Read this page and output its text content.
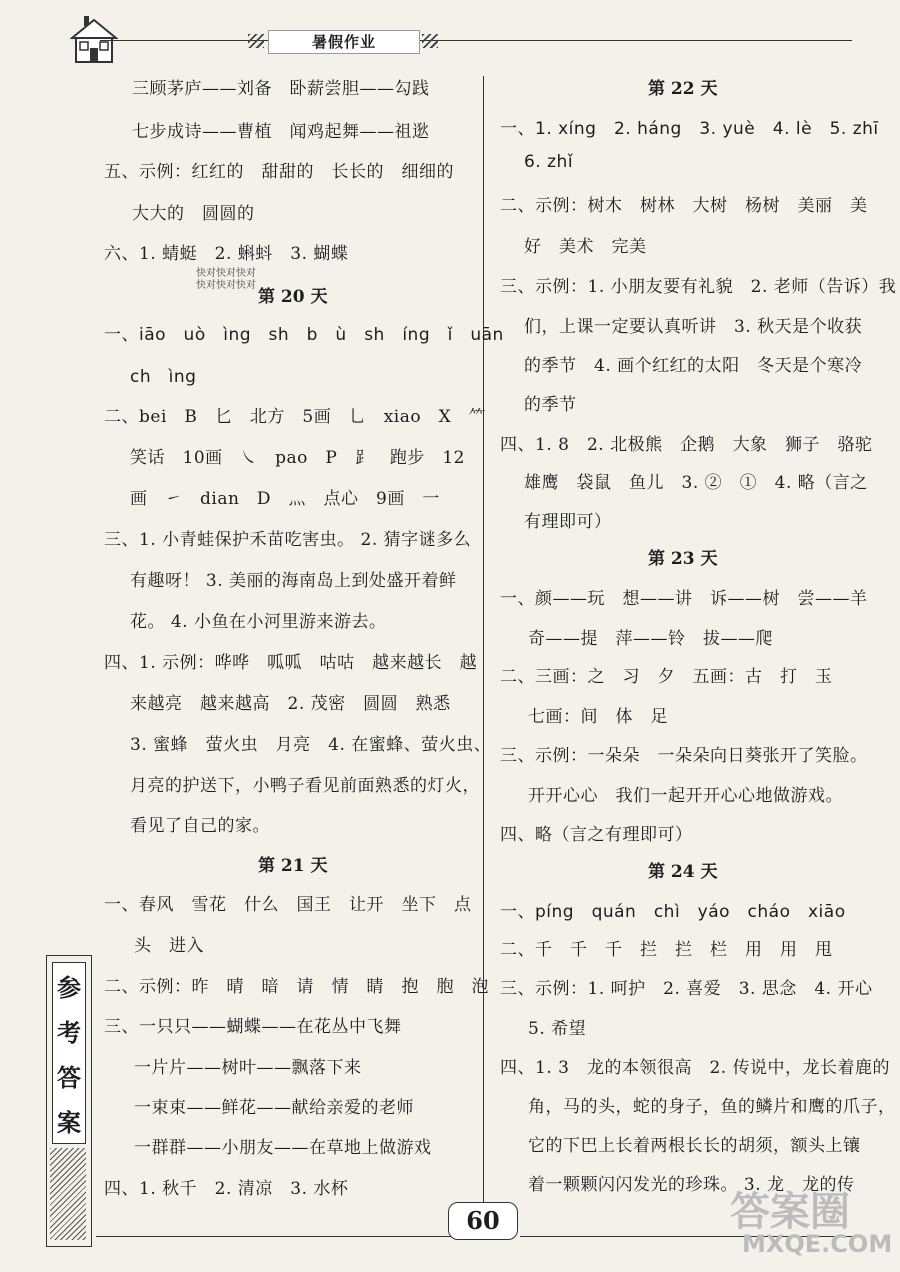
暑假作业
三顾茅庐——刘备　卧薪尝胆——勾践
七步成诗——曹植　闻鸡起舞——祖逖
五、示例：红红的　甜甜的　长长的　细细的
大大的　圆圆的
六、1. 蜻蜓　2. 蝌蚪　3. 蝴蝶
快对快对快对
快对快对快对
第 20 天
一、iāo　uò　ìng　sh　b　ù　sh　íng　ǐ　uān
ch　ìng
二、bei　B　匕　北方　5画　乚　xiao　X　⺮
笑话　10画　㇏　pao　P　⻊　跑步　12
画　㇀　dian　D　灬　点心　9画　一
三、1. 小青蛙保护禾苗吃害虫。 2. 猜字谜多么
有趣呀！ 3. 美丽的海南岛上到处盛开着鲜
花。 4. 小鱼在小河里游来游去。
四、1. 示例：哗哗　呱呱　咕咕　越来越长　越
来越亮　越来越高　2. 茂密　圆圆　熟悉
3. 蜜蜂　萤火虫　月亮　4. 在蜜蜂、萤火虫、
月亮的护送下，小鸭子看见前面熟悉的灯火，
看见了自己的家。
第 21 天
一、春风　雪花　什么　国王　让开　坐下　点
头　进入
二、示例：昨　晴　暗　请　情　睛　抱　胞　泡
三、一只只——蝴蝶——在花丛中飞舞
一片片——树叶——飘落下来
一束束——鲜花——献给亲爱的老师
一群群——小朋友——在草地上做游戏
四、1. 秋千　2. 清凉　3. 水杯
第 22 天
一、1. xíng　2. háng　3. yuè　4. lè　5. zhī
6. zhǐ
二、示例：树木　树林　大树　杨树　美丽　美
好　美术　完美
三、示例：1. 小朋友要有礼貌　2. 老师（告诉）我
们，上课一定要认真听讲　3. 秋天是个收获
的季节　4. 画个红红的太阳　冬天是个寒冷
的季节
四、1. 8　2. 北极熊　企鹅　大象　狮子　骆驼
雄鹰　袋鼠　鱼儿　3. ②　①　4. 略（言之
有理即可）
第 23 天
一、颜——玩　想——讲　诉——树　尝——羊
奇——提　萍——铃　拔——爬
二、三画：之　习　夕　五画：古　打　玉
七画：间　体　足
三、示例：一朵朵　一朵朵向日葵张开了笑脸。
开开心心　我们一起开开心心地做游戏。
四、略（言之有理即可）
第 24 天
一、píng　quán　chì　yáo　cháo　xiāo
二、千　千　千　拦　拦　栏　用　用　甩
三、示例：1. 呵护　2. 喜爱　3. 思念　4. 开心
5. 希望
四、1. 3　龙的本领很高　2. 传说中，龙长着鹿的
角，马的头，蛇的身子，鱼的鳞片和鹰的爪子，
它的下巴上长着两根长长的胡须，额头上镶
着一颗颗闪闪发光的珍珠。 3. 龙　龙的传
参
考
答
案
60	答案圈
MXQE.COM
